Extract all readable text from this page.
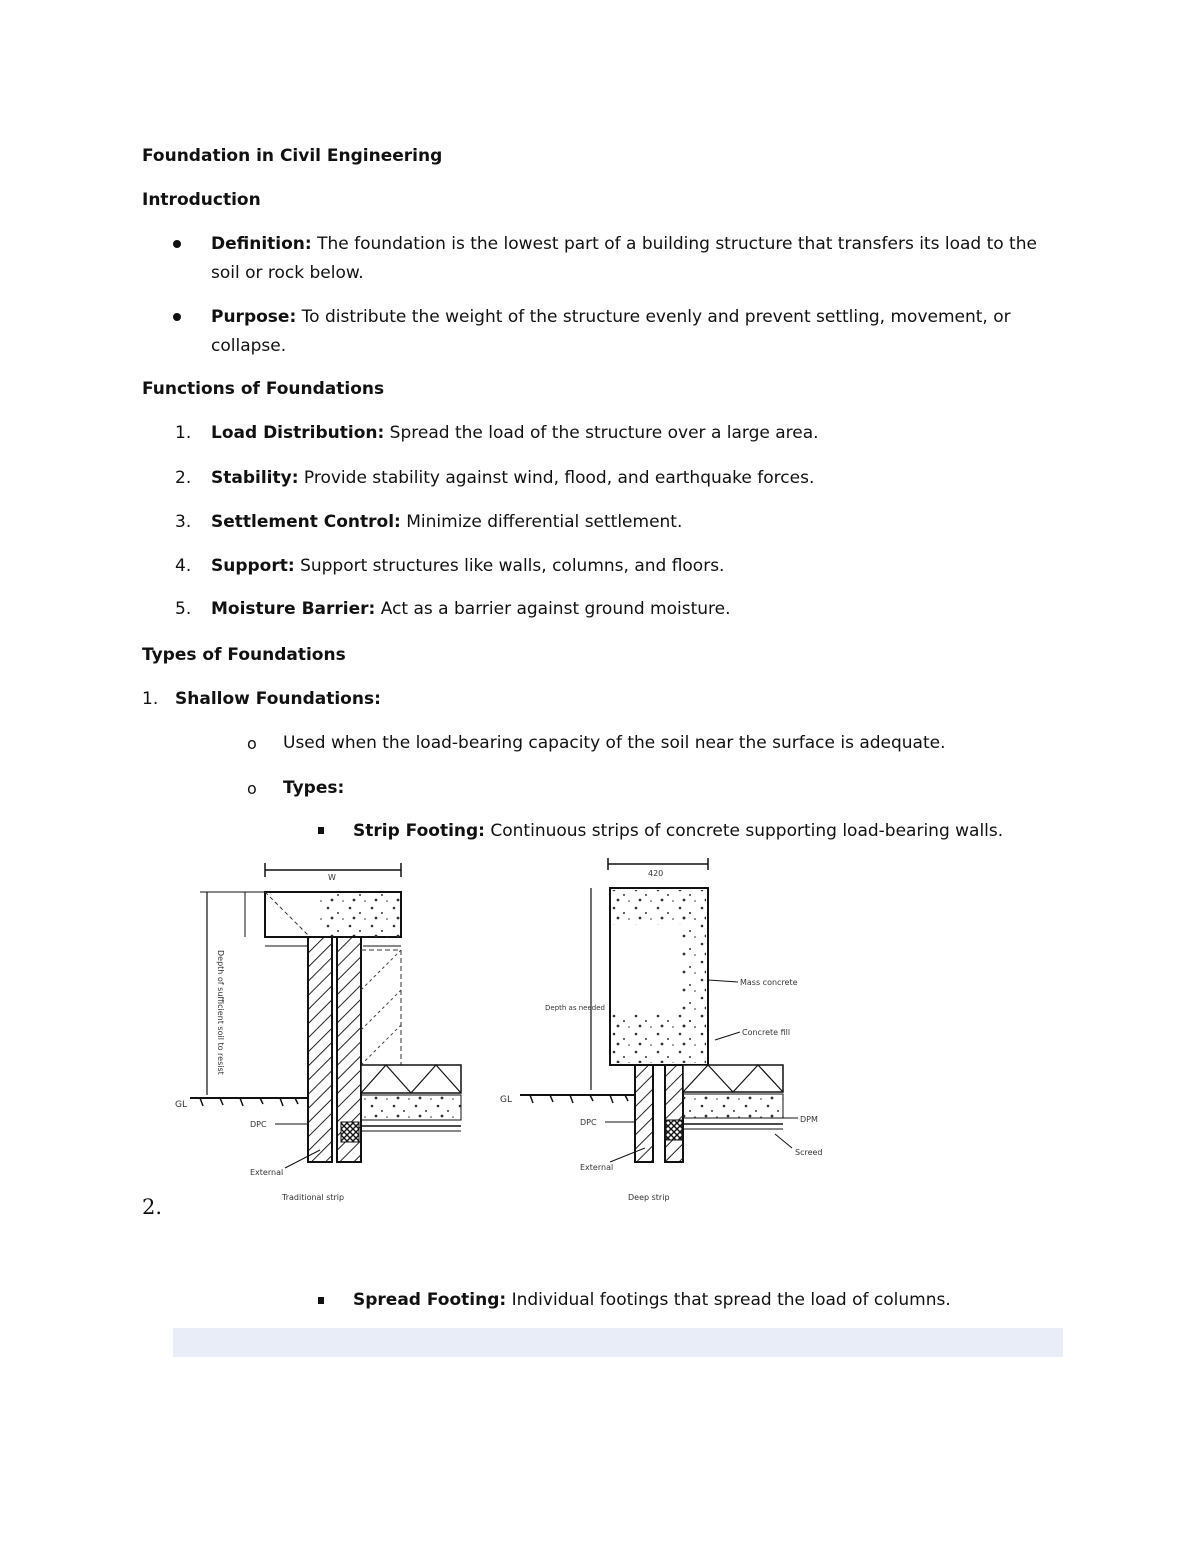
Foundation in Civil Engineering
Introduction
Definition: The foundation is the lowest part of a building structure that transfers its load to the
soil or rock below.
Purpose: To distribute the weight of the structure evenly and prevent settling, movement, or
collapse.
Functions of Foundations
1. Load Distribution: Spread the load of the structure over a large area.
2. Stability: Provide stability against wind, flood, and earthquake forces.
3. Settlement Control: Minimize differential settlement.
4. Support: Support structures like walls, columns, and floors.
5. Moisture Barrier: Act as a barrier against ground moisture.
Types of Foundations
1. Shallow Foundations:
o Used when the load-bearing capacity of the soil near the surface is adequate.
o Types:
Strip Footing: Continuous strips of concrete supporting load-bearing walls.
W
Depth of sufficient soil to resist
GL
DPC
External
Traditional strip
420
Depth as needed
Mass concrete
Concrete fill
GL
DPC	DPM
Screed
External
Deep strip
2.
Spread Footing: Individual footings that spread the load of columns.
